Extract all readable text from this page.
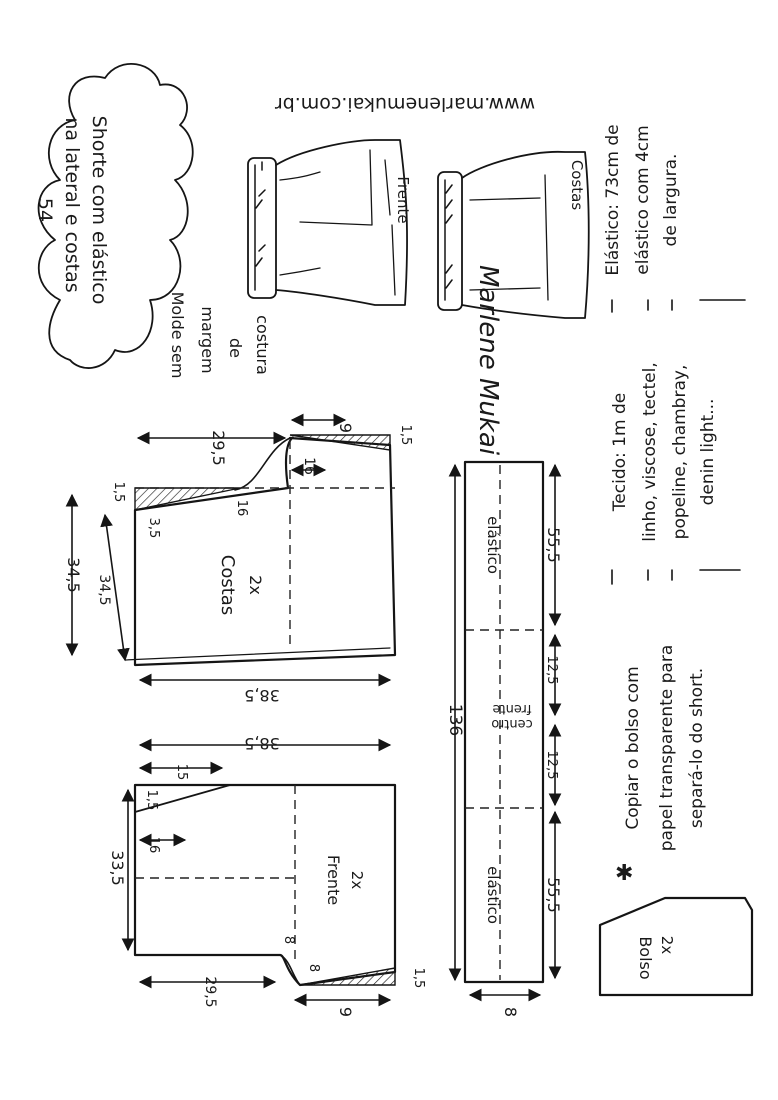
Shorte com elástico
na lateral e costas
54
www.marlenemukai.com.br
Frente	Costas
Molde sem margem de costura	Marlene Mukai
Elástico: 73cm de elástico com 4cm de largura.
Tecido: 1m de linho, viscose, tectel, popeline, chambray, denin light...
Copiar o bolso com papel transparente para separá-lo do short.
✱
29,5
9	1,5
16
16
1,5
3,5
34,5 34,5
38,5
Costas 2x
38,5
15
1,5
16
33,5
29,5
8
8
9
1,5
Frente 2x
136
55,5
12,5
12,5
55,5
8
elástico
elástico
centro
frente
Bolso 2x
